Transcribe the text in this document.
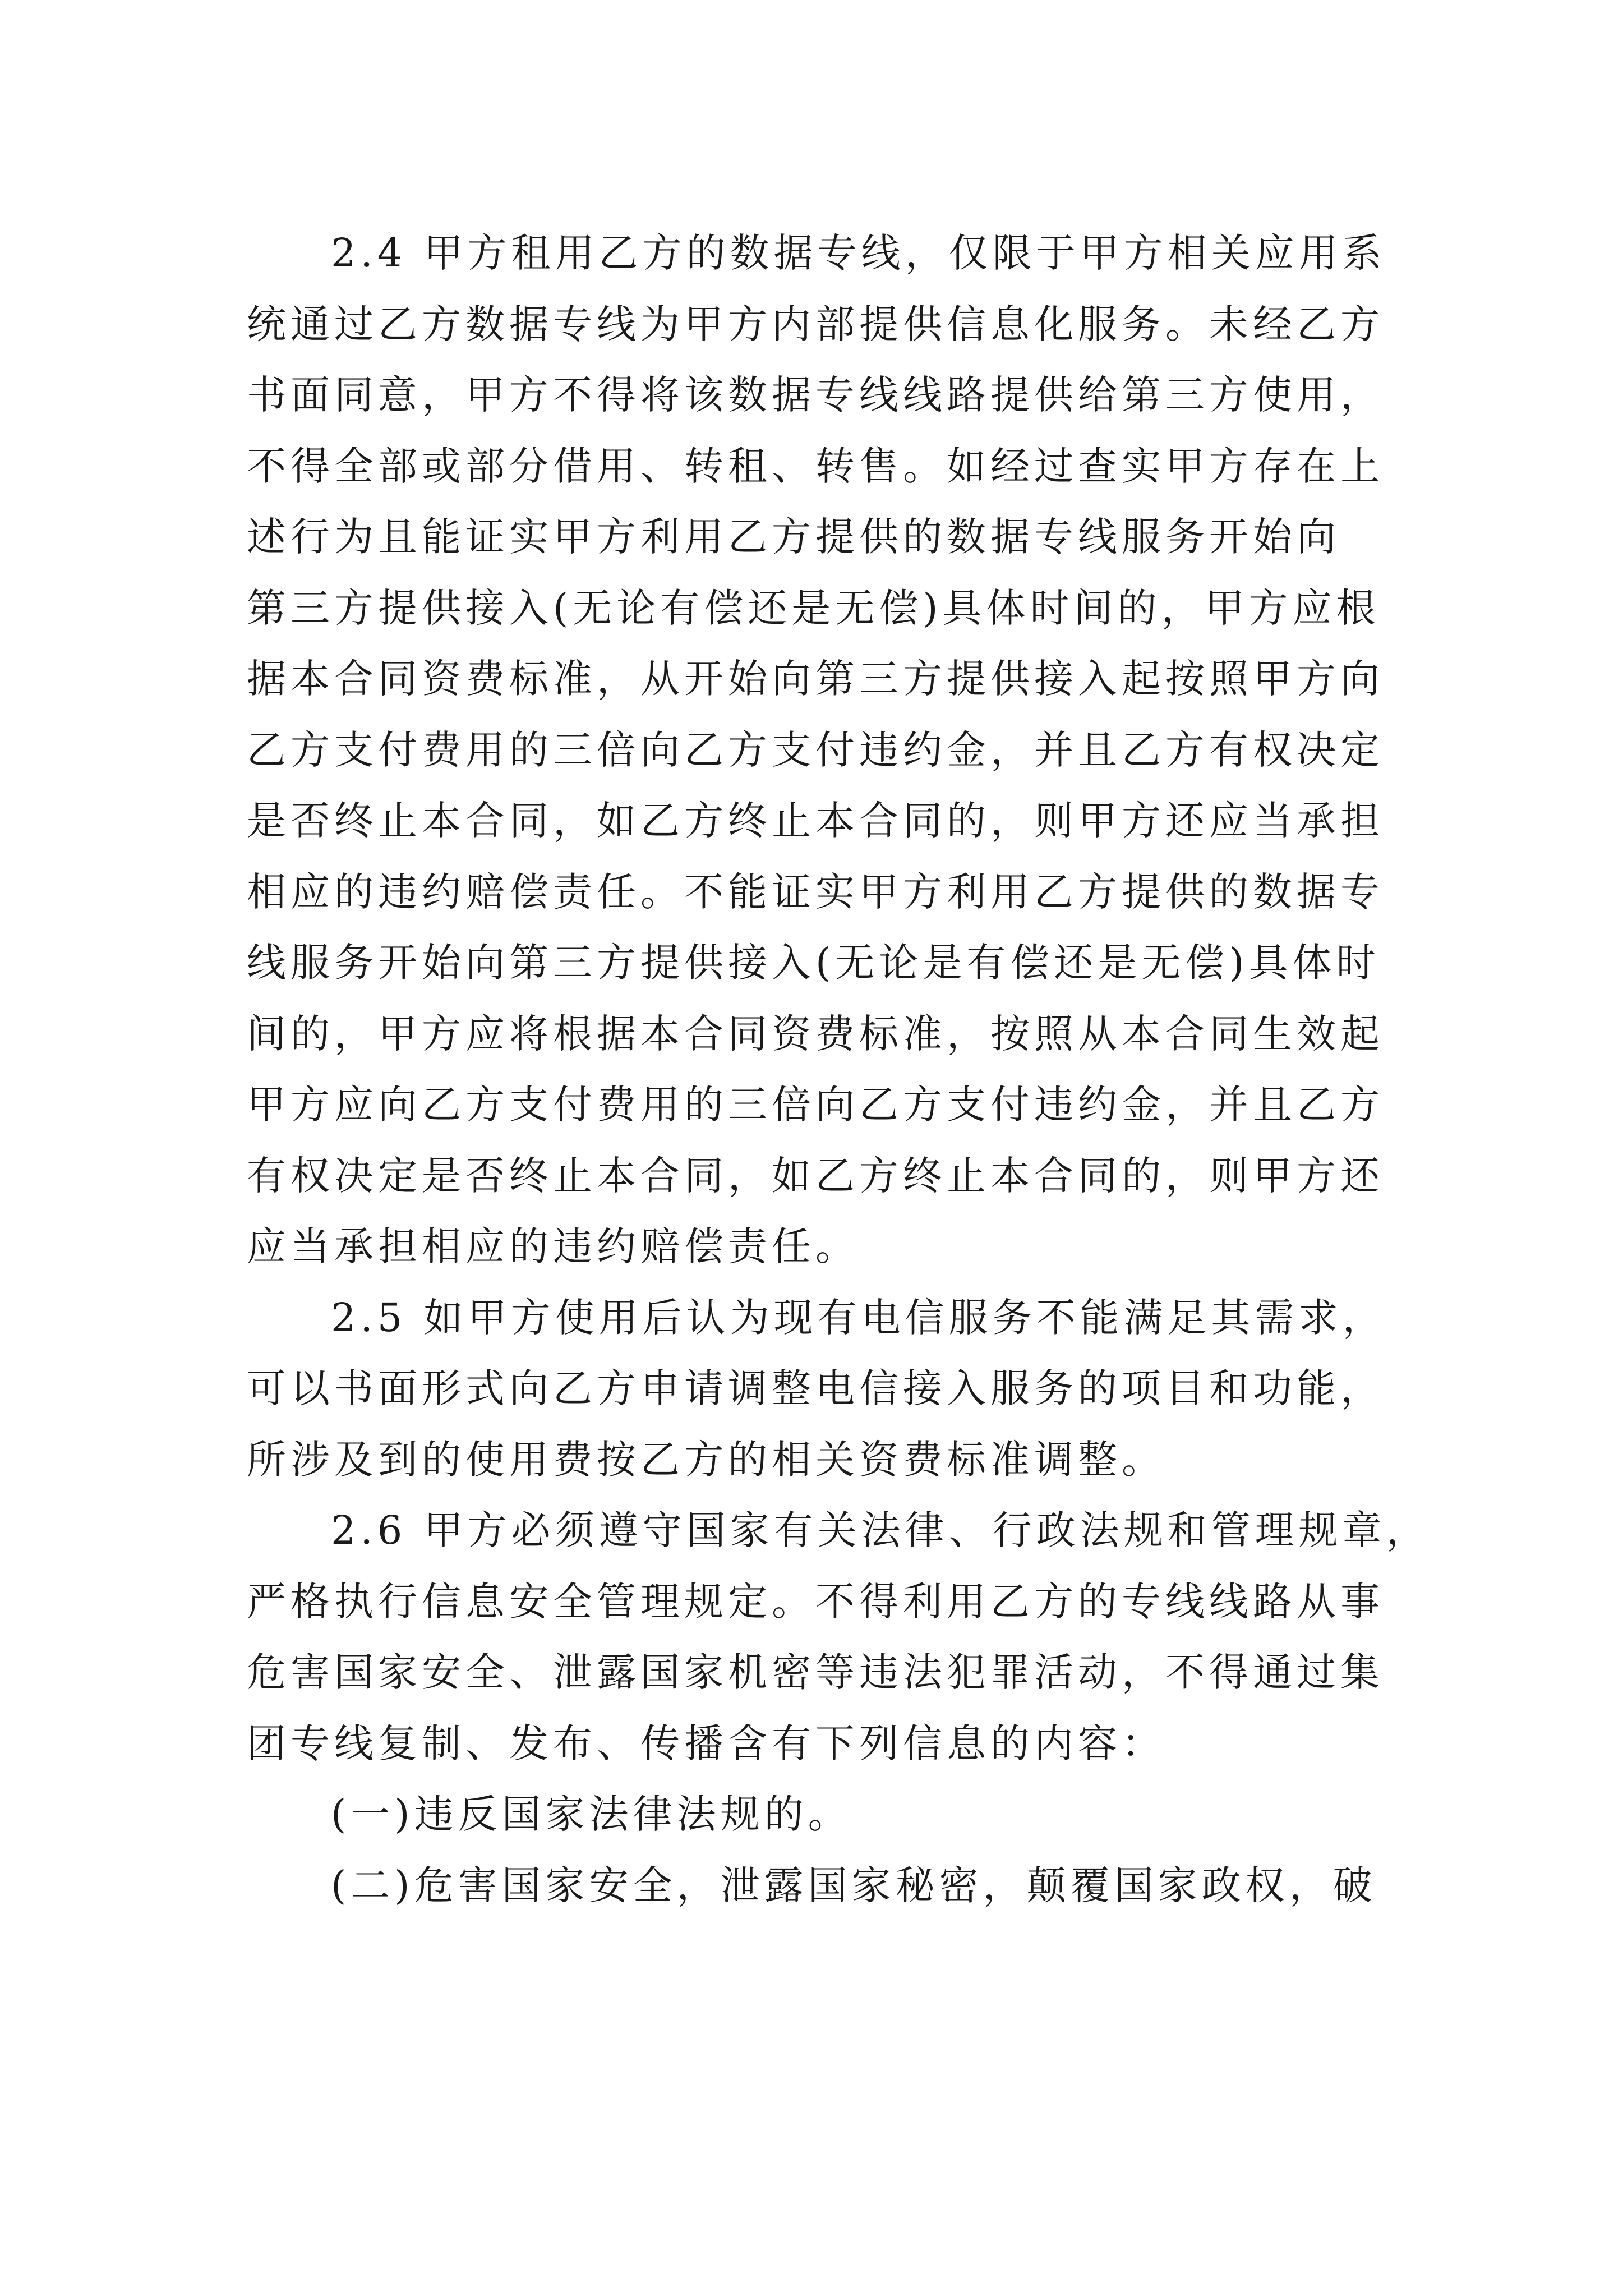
2.4 甲方租用乙方的数据专线，仅限于甲方相关应用系
统通过乙方数据专线为甲方内部提供信息化服务。未经乙方
书面同意，甲方不得将该数据专线线路提供给第三方使用，
不得全部或部分借用、转租、转售。如经过查实甲方存在上
述行为且能证实甲方利用乙方提供的数据专线服务开始向
第三方提供接入(无论有偿还是无偿)具体时间的，甲方应根
据本合同资费标准，从开始向第三方提供接入起按照甲方向
乙方支付费用的三倍向乙方支付违约金，并且乙方有权决定
是否终止本合同，如乙方终止本合同的，则甲方还应当承担
相应的违约赔偿责任。不能证实甲方利用乙方提供的数据专
线服务开始向第三方提供接入(无论是有偿还是无偿)具体时
间的，甲方应将根据本合同资费标准，按照从本合同生效起
甲方应向乙方支付费用的三倍向乙方支付违约金，并且乙方
有权决定是否终止本合同，如乙方终止本合同的，则甲方还
应当承担相应的违约赔偿责任。
2.5 如甲方使用后认为现有电信服务不能满足其需求，
可以书面形式向乙方申请调整电信接入服务的项目和功能，
所涉及到的使用费按乙方的相关资费标准调整。
2.6 甲方必须遵守国家有关法律、行政法规和管理规章，
严格执行信息安全管理规定。不得利用乙方的专线线路从事
危害国家安全、泄露国家机密等违法犯罪活动，不得通过集
团专线复制、发布、传播含有下列信息的内容：
(一)违反国家法律法规的。
(二)危害国家安全，泄露国家秘密，颠覆国家政权，破
